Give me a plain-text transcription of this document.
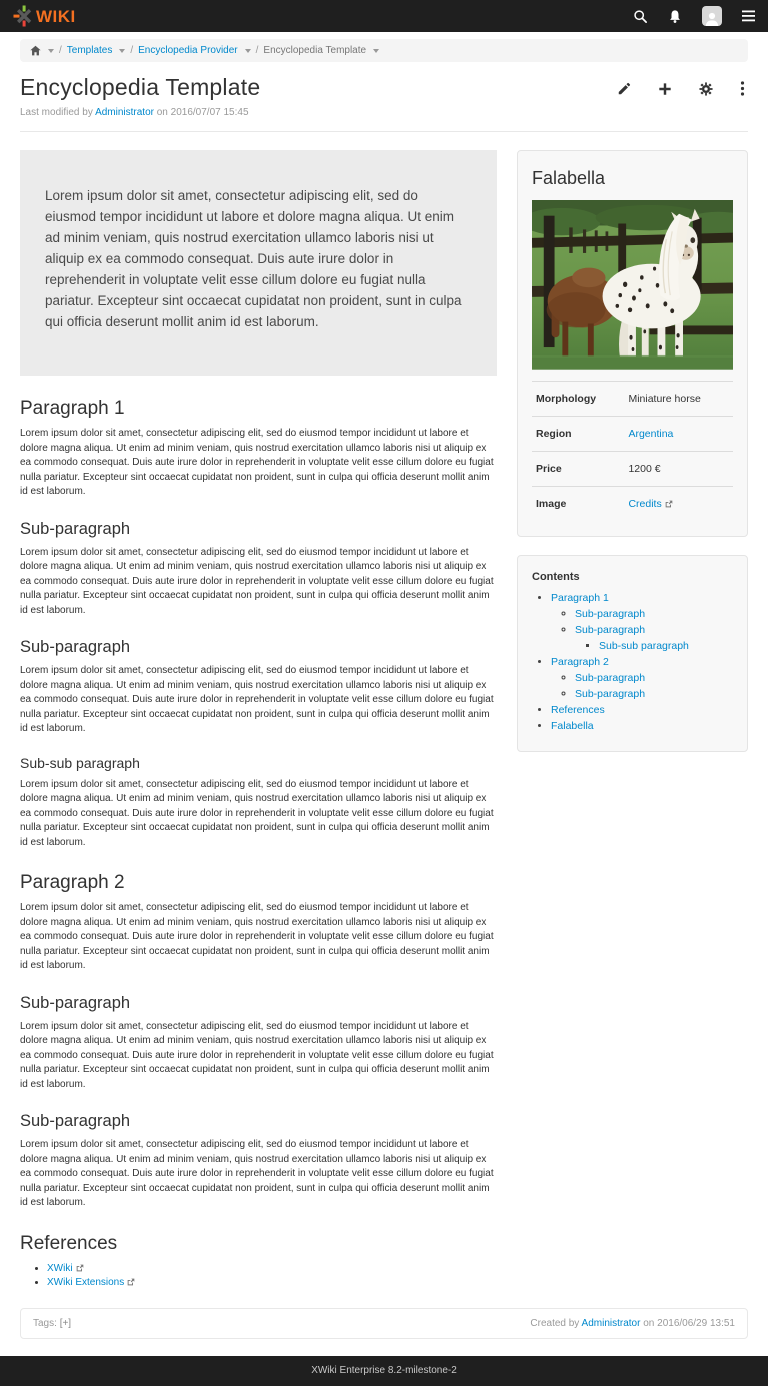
WIKI
/ Templates / Encyclopedia Provider / Encyclopedia Template
Encyclopedia Template
Last modified by Administrator on 2016/07/07 15:45
Lorem ipsum dolor sit amet, consectetur adipiscing elit, sed do eiusmod tempor incididunt ut labore et dolore magna aliqua. Ut enim ad minim veniam, quis nostrud exercitation ullamco laboris nisi ut aliquip ex ea commodo consequat. Duis aute irure dolor in reprehenderit in voluptate velit esse cillum dolore eu fugiat nulla pariatur. Excepteur sint occaecat cupidatat non proident, sunt in culpa qui officia deserunt mollit anim id est laborum.
Paragraph 1

Lorem ipsum dolor sit amet, consectetur adipiscing elit, sed do eiusmod tempor incididunt ut labore et dolore magna aliqua. Ut enim ad minim veniam, quis nostrud exercitation ullamco laboris nisi ut aliquip ex ea commodo consequat. Duis aute irure dolor in reprehenderit in voluptate velit esse cillum dolore eu fugiat nulla pariatur. Excepteur sint occaecat cupidatat non proident, sunt in culpa qui officia deserunt mollit anim id est laborum.

Sub-paragraph

Lorem ipsum dolor sit amet, consectetur adipiscing elit, sed do eiusmod tempor incididunt ut labore et dolore magna aliqua. Ut enim ad minim veniam, quis nostrud exercitation ullamco laboris nisi ut aliquip ex ea commodo consequat. Duis aute irure dolor in reprehenderit in voluptate velit esse cillum dolore eu fugiat nulla pariatur. Excepteur sint occaecat cupidatat non proident, sunt in culpa qui officia deserunt mollit anim id est laborum.

Sub-paragraph

Lorem ipsum dolor sit amet, consectetur adipiscing elit, sed do eiusmod tempor incididunt ut labore et dolore magna aliqua. Ut enim ad minim veniam, quis nostrud exercitation ullamco laboris nisi ut aliquip ex ea commodo consequat. Duis aute irure dolor in reprehenderit in voluptate velit esse cillum dolore eu fugiat nulla pariatur. Excepteur sint occaecat cupidatat non proident, sunt in culpa qui officia deserunt mollit anim id est laborum.

Sub-sub paragraph

Lorem ipsum dolor sit amet, consectetur adipiscing elit, sed do eiusmod tempor incididunt ut labore et dolore magna aliqua. Ut enim ad minim veniam, quis nostrud exercitation ullamco laboris nisi ut aliquip ex ea commodo consequat. Duis aute irure dolor in reprehenderit in voluptate velit esse cillum dolore eu fugiat nulla pariatur. Excepteur sint occaecat cupidatat non proident, sunt in culpa qui officia deserunt mollit anim id est laborum.

Paragraph 2

Lorem ipsum dolor sit amet, consectetur adipiscing elit, sed do eiusmod tempor incididunt ut labore et dolore magna aliqua. Ut enim ad minim veniam, quis nostrud exercitation ullamco laboris nisi ut aliquip ex ea commodo consequat. Duis aute irure dolor in reprehenderit in voluptate velit esse cillum dolore eu fugiat nulla pariatur. Excepteur sint occaecat cupidatat non proident, sunt in culpa qui officia deserunt mollit anim id est laborum.

Sub-paragraph

Lorem ipsum dolor sit amet, consectetur adipiscing elit, sed do eiusmod tempor incididunt ut labore et dolore magna aliqua. Ut enim ad minim veniam, quis nostrud exercitation ullamco laboris nisi ut aliquip ex ea commodo consequat. Duis aute irure dolor in reprehenderit in voluptate velit esse cillum dolore eu fugiat nulla pariatur. Excepteur sint occaecat cupidatat non proident, sunt in culpa qui officia deserunt mollit anim id est laborum.

Sub-paragraph

Lorem ipsum dolor sit amet, consectetur adipiscing elit, sed do eiusmod tempor incididunt ut labore et dolore magna aliqua. Ut enim ad minim veniam, quis nostrud exercitation ullamco laboris nisi ut aliquip ex ea commodo consequat. Duis aute irure dolor in reprehenderit in voluptate velit esse cillum dolore eu fugiat nulla pariatur. Excepteur sint occaecat cupidatat non proident, sunt in culpa qui officia deserunt mollit anim id est laborum.

References
• XWiki
• XWiki Extensions
Falabella
Morphology	Miniature horse
Region	Argentina
Price	1200 €
Image	Credits
Contents
• Paragraph 1
◦ Sub-paragraph
◦ Sub-paragraph
▪ Sub-sub paragraph
• Paragraph 2
◦ Sub-paragraph
◦ Sub-paragraph
• References
• Falabella
Tags: [+]	Created by Administrator on 2016/06/29 13:51
XWiki Enterprise 8.2-milestone-2
